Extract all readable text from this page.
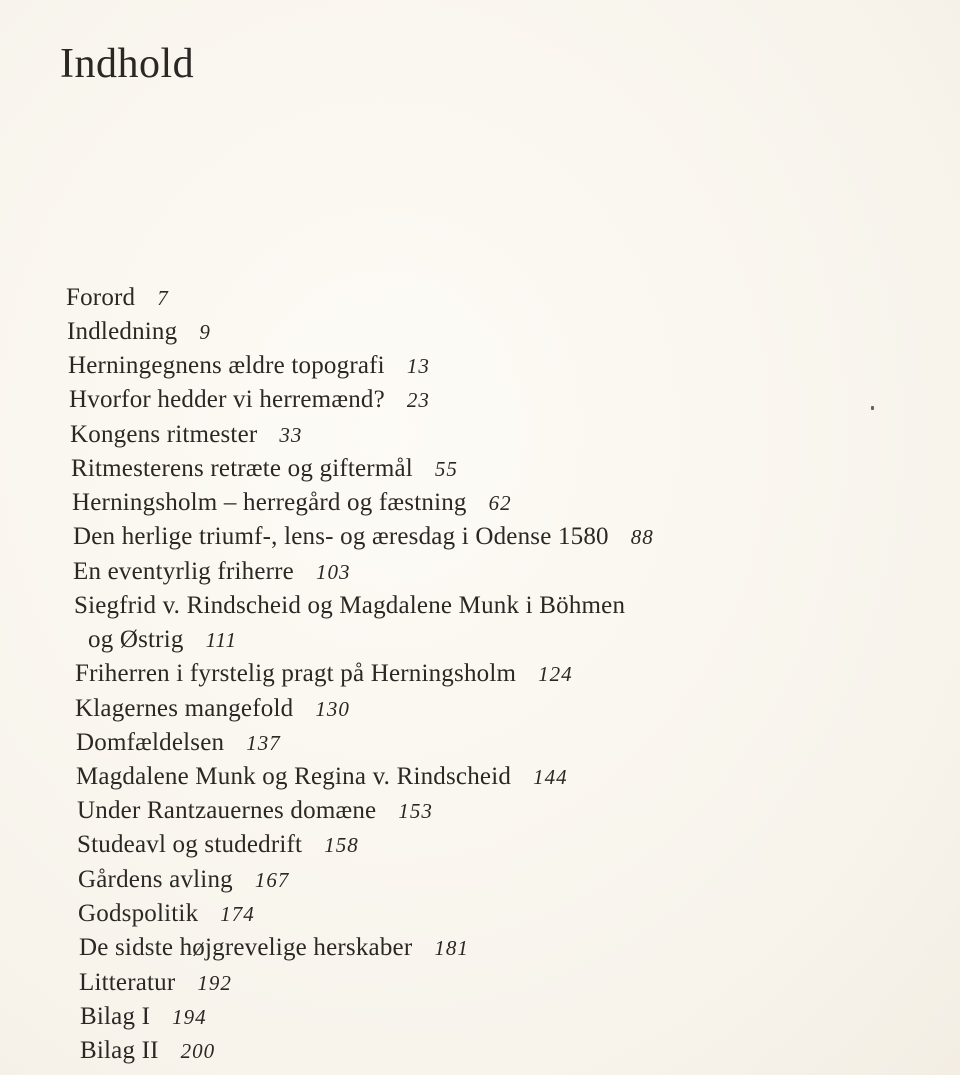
Indhold
Forord 7
Indledning 9
Herningegnens ældre topografi 13
Hvorfor hedder vi herremænd? 23
Kongens ritmester 33
Ritmesterens retræte og giftermål 55
Herningsholm – herregård og fæstning 62
Den herlige triumf-, lens- og æresdag i Odense 1580 88
En eventyrlig friherre 103
Siegfrid v. Rindscheid og Magdalene Munk i Böhmen
og Østrig 111
Friherren i fyrstelig pragt på Herningsholm 124
Klagernes mangefold 130
Domfældelsen 137
Magdalene Munk og Regina v. Rindscheid 144
Under Rantzauernes domæne 153
Studeavl og studedrift 158
Gårdens avling 167
Godspolitik 174
De sidste højgrevelige herskaber 181
Litteratur 192
Bilag I 194
Bilag II 200
